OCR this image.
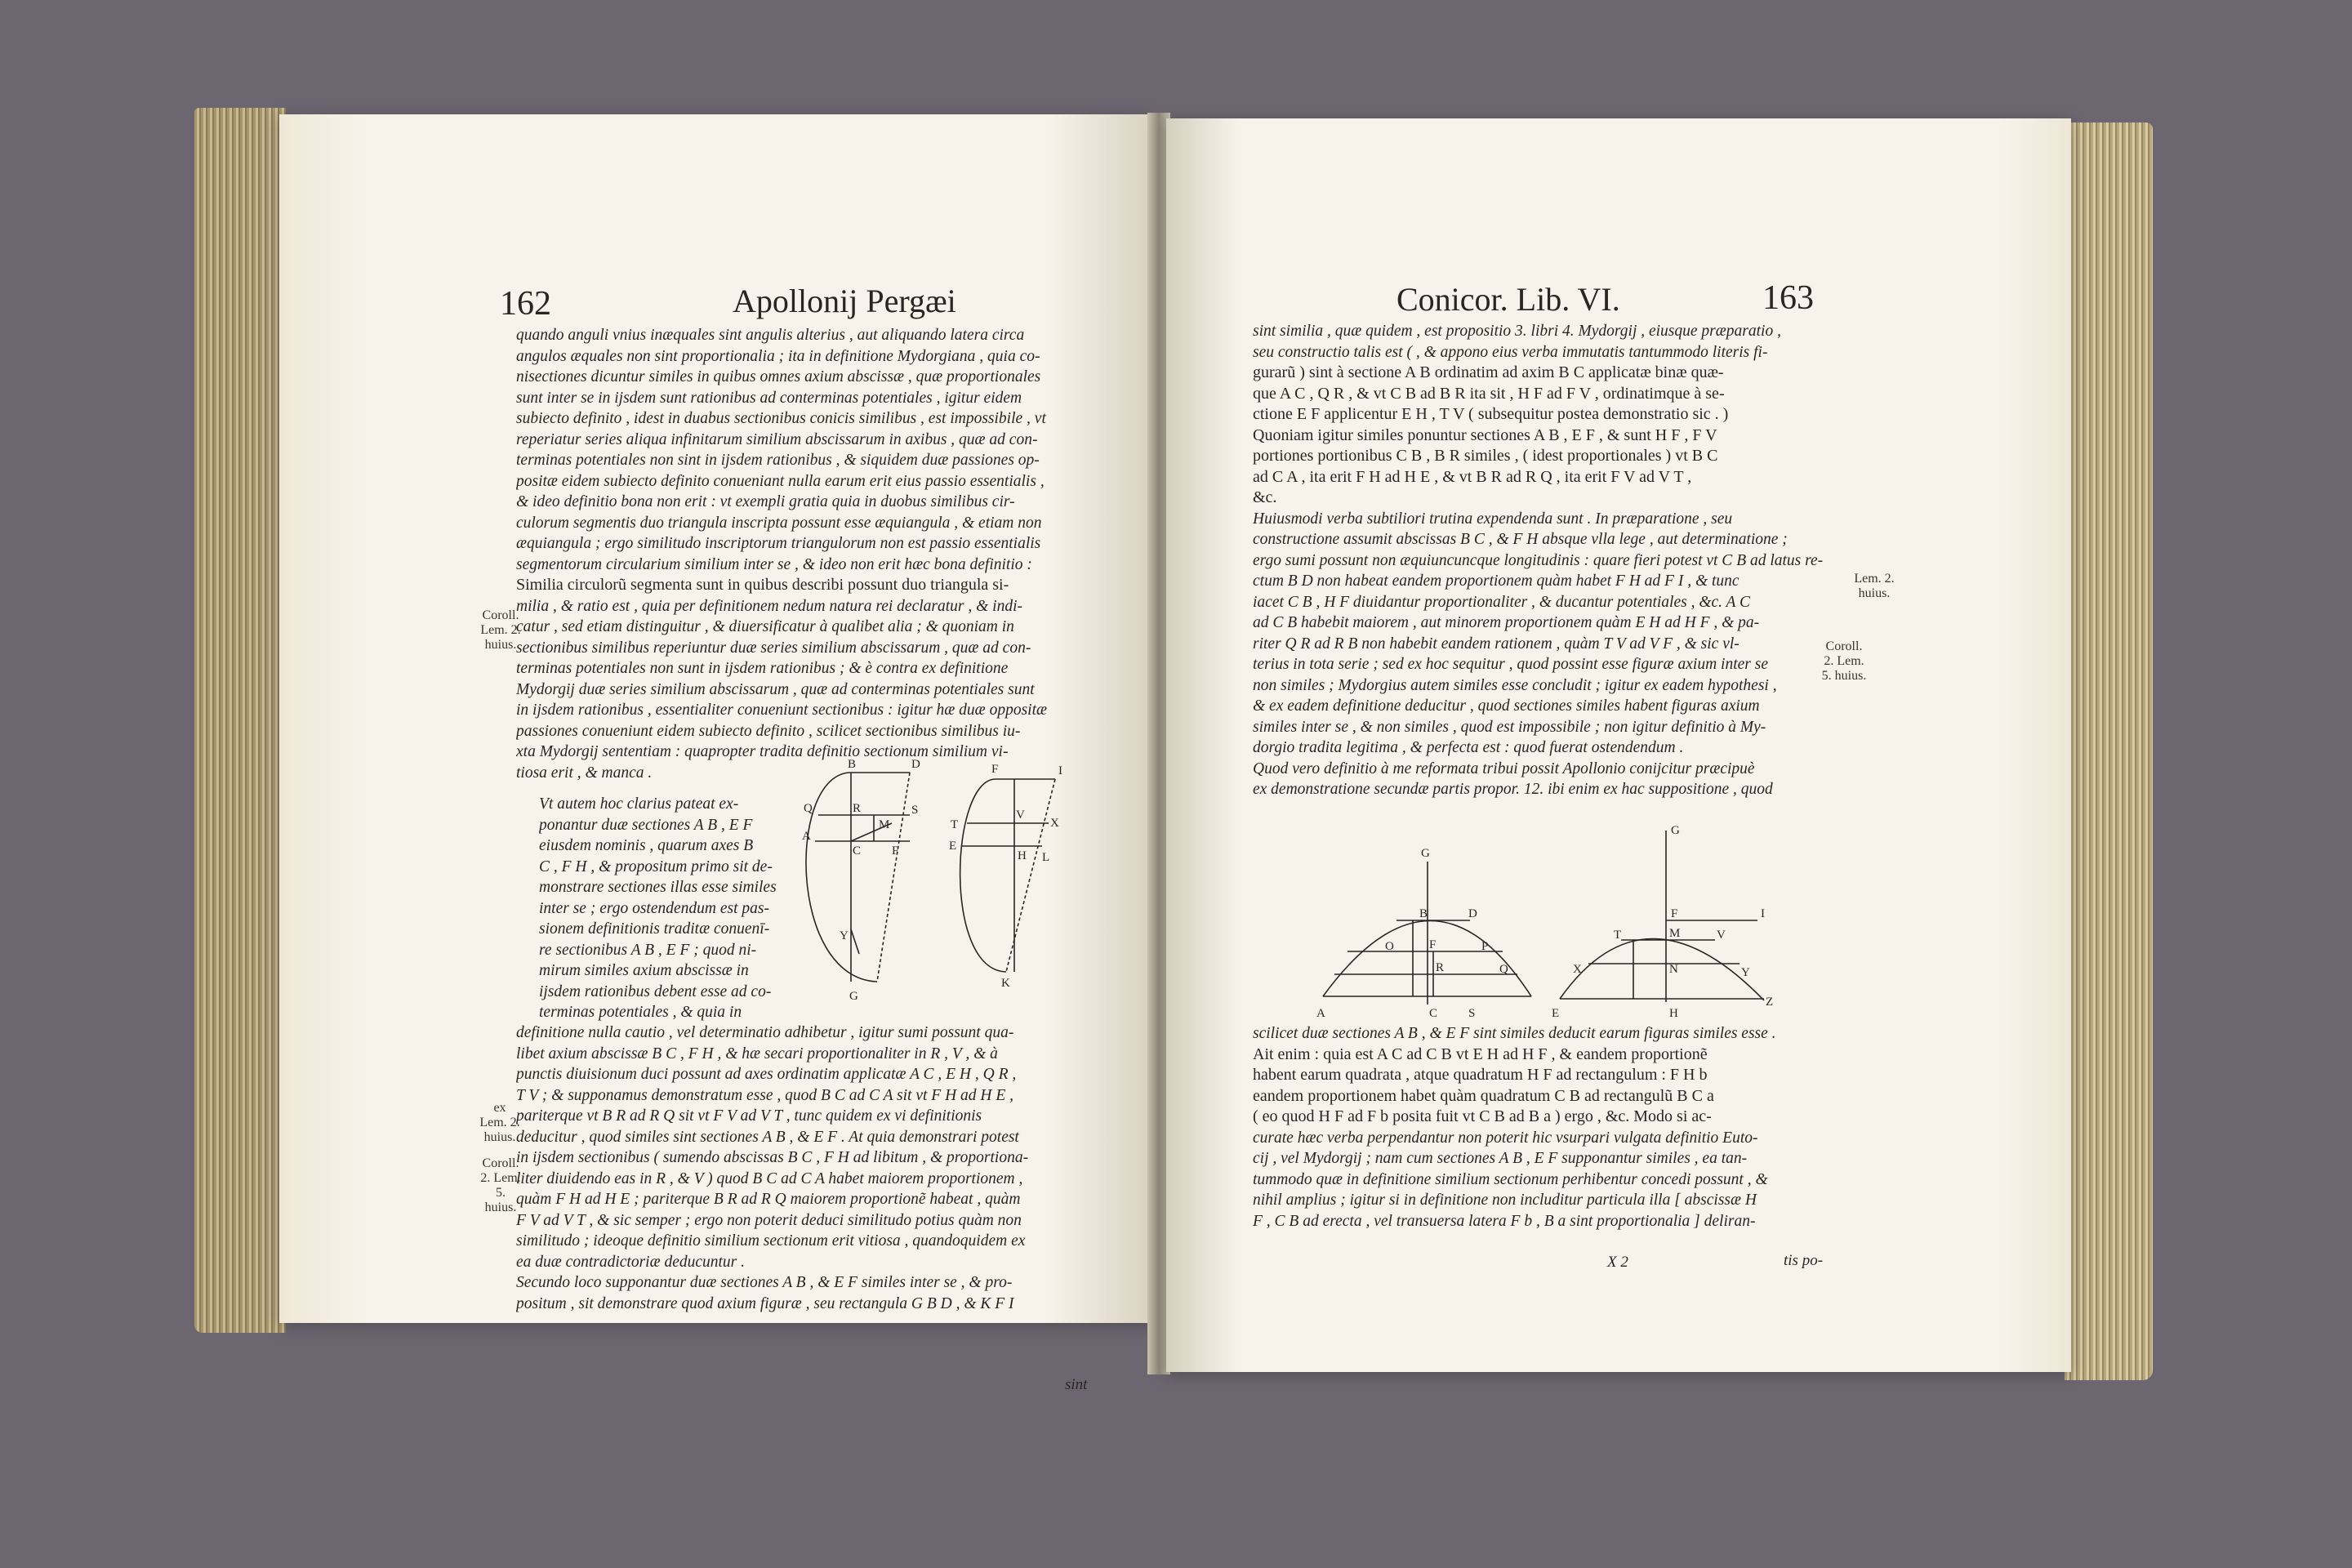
162	Apollonij Pergæi
quando anguli vnius inæquales sint angulis alterius , aut aliquando latera circa
angulos æquales non sint proportionalia ; ita in definitione Mydorgiana , quia co-
nisectiones dicuntur similes in quibus omnes axium abscissæ , quæ proportionales
sunt inter se in ijsdem sunt rationibus ad conterminas potentiales , igitur eidem
subiecto definito , idest in duabus sectionibus conicis similibus , est impossibile , vt
reperiatur series aliqua infinitarum similium abscissarum in axibus , quæ ad con-
terminas potentiales non sint in ijsdem rationibus , & siquidem duæ passiones op-
positæ eidem subiecto definito conueniant nulla earum erit eius passio essentialis ,
& ideo definitio bona non erit : vt exempli gratia quia in duobus similibus cir-
culorum segmentis duo triangula inscripta possunt esse æquiangula , & etiam non
æquiangula ; ergo similitudo inscriptorum triangulorum non est passio essentialis
segmentorum circularium similium inter se , & ideo non erit hæc bona definitio :
Similia circulorũ segmenta sunt in quibus describi possunt duo triangula si-
milia , & ratio est , quia per definitionem nedum natura rei declaratur , & indi-
catur , sed etiam distinguitur , & diuersificatur à qualibet alia ; & quoniam in
sectionibus similibus reperiuntur duæ series similium abscissarum , quæ ad con-
terminas potentiales non sunt in ijsdem rationibus ; & è contra ex definitione
Mydorgij duæ series similium abscissarum , quæ ad conterminas potentiales sunt
in ijsdem rationibus , essentialiter conueniunt sectionibus : igitur hæ duæ oppositæ
passiones conueniunt eidem subiecto definito , scilicet sectionibus similibus iu-
xta Mydorgij sententiam : quapropter tradita definitio sectionum similium vi-
tiosa erit , & manca .
Vt autem hoc clarius pateat ex-
ponantur duæ sectiones A B , E F
eiusdem nominis , quarum axes B
C , F H , & propositum primo sit de-
monstrare sectiones illas esse similes
inter se ; ergo ostendendum est pas-
sionem definitionis traditæ conuenī-
re sectionibus A B , E F ; quod ni-
mirum similes axium abscissæ in
ijsdem rationibus debent esse ad co-
terminas potentiales , & quia in
definitione nulla cautio , vel determinatio adhibetur , igitur sumi possunt qua-
libet axium abscissæ B C , F H , & hæ secari proportionaliter in R , V , & à
punctis diuisionum duci possunt ad axes ordinatim applicatæ A C , E H , Q R ,
T V ; & supponamus demonstratum esse , quod B C ad C A sit vt F H ad H E ,
pariterque vt B R ad R Q sit vt F V ad V T , tunc quidem ex vi definitionis
deducitur , quod similes sint sectiones A B , & E F . At quia demonstrari potest
in ijsdem sectionibus ( sumendo abscissas B C , F H ad libitum , & proportiona-
liter diuidendo eas in R , & V ) quod B C ad C A habet maiorem proportionem ,
quàm F H ad H E ; pariterque B R ad R Q maiorem proportionẽ habeat , quàm
F V ad V T , & sic semper ; ergo non poterit deduci similitudo potius quàm non
similitudo ; ideoque definitio similium sectionum erit vitiosa , quandoquidem ex
ea duæ contradictoriæ deducuntur .
Secundo loco supponantur duæ sectiones A B , & E F similes inter se , & pro-
positum , sit demonstrare quod axium figuræ , seu rectangula G B D , & K F I
Coroll. Lem. 2. huius.
ex Lem. 2. huius.
Coroll. 2. Lem. 5. huius.
sint
B	D
Q	R	S
M
A
C	F
Y
G
F	I
T
V
X
E
H L
K
Conicor. Lib. VI.	163
sint similia , quæ quidem , est propositio 3. libri 4. Mydorgij , eiusque præparatio ,
seu constructio talis est ( , & appono eius verba immutatis tantummodo literis fi-
gurarũ ) sint à sectione A B ordinatim ad axim B C applicatæ binæ quæ-
que A C , Q R , & vt C B ad B R ita sit , H F ad F V , ordinatimque à se-
ctione E F applicentur E H , T V ( subsequitur postea demonstratio sic . )
Quoniam igitur similes ponuntur sectiones A B , E F , & sunt H F , F V
portiones portionibus C B , B R similes , ( idest proportionales ) vt B C
ad C A , ita erit F H ad H E , & vt B R ad R Q , ita erit F V ad V T ,
&c.
Huiusmodi verba subtiliori trutina expendenda sunt . In præparatione , seu
constructione assumit abscissas B C , & F H absque vlla lege , aut determinatione ;
ergo sumi possunt non æquiuncuncque longitudinis : quare fieri potest vt C B ad latus re-
ctum B D non habeat eandem proportionem quàm habet F H ad F I , & tunc
iacet C B , H F diuidantur proportionaliter , & ducantur potentiales , &c. A C
ad C B habebit maiorem , aut minorem proportionem quàm E H ad H F , & pa-
riter Q R ad R B non habebit eandem rationem , quàm T V ad V F , & sic vl-
terius in tota serie ; sed ex hoc sequitur , quod possint esse figuræ axium inter se
non similes ; Mydorgius autem similes esse concludit ; igitur ex eadem hypothesi ,
& ex eadem definitione deducitur , quod sectiones similes habent figuras axium
similes inter se , & non similes , quod est impossibile ; non igitur definitio à My-
dorgio tradita legitima , & perfecta est : quod fuerat ostendendum .
Quod vero definitio à me reformata tribui possit Apollonio conijcitur præcipuè
ex demonstratione secundæ partis propor. 12. ibi enim ex hac suppositione , quod
scilicet duæ sectiones A B , & E F sint similes deducit earum figuras similes esse .
Ait enim : quia est A C ad C B vt E H ad H F , & eandem proportionẽ
habent earum quadrata , atque quadratum H F ad rectangulum : F H b
eandem proportionem habet quàm quadratum C B ad rectangulũ B C a
( eo quod H F ad F b posita fuit vt C B ad B a ) ergo , &c. Modo si ac-
curate hæc verba perpendantur non poterit hic vsurpari vulgata definitio Euto-
cij , vel Mydorgij ; nam cum sectiones A B , E F supponantur similes , ea tan-
tummodo quæ in definitione similium sectionum perhibentur concedi possunt , &
nihil amplius ; igitur si in definitione non includitur particula illa [ abscissæ H
F , C B ad erecta , vel transuersa latera F b , B a sint proportionalia ] deliran-
Lem. 2. huius.
Coroll. 2. Lem. 5. huius.
X 2	tis po-
G
B	D
O	F	P
R	Q
A	C	S
G
F	I
T	M	V
X	N	Y
E	H
Z
